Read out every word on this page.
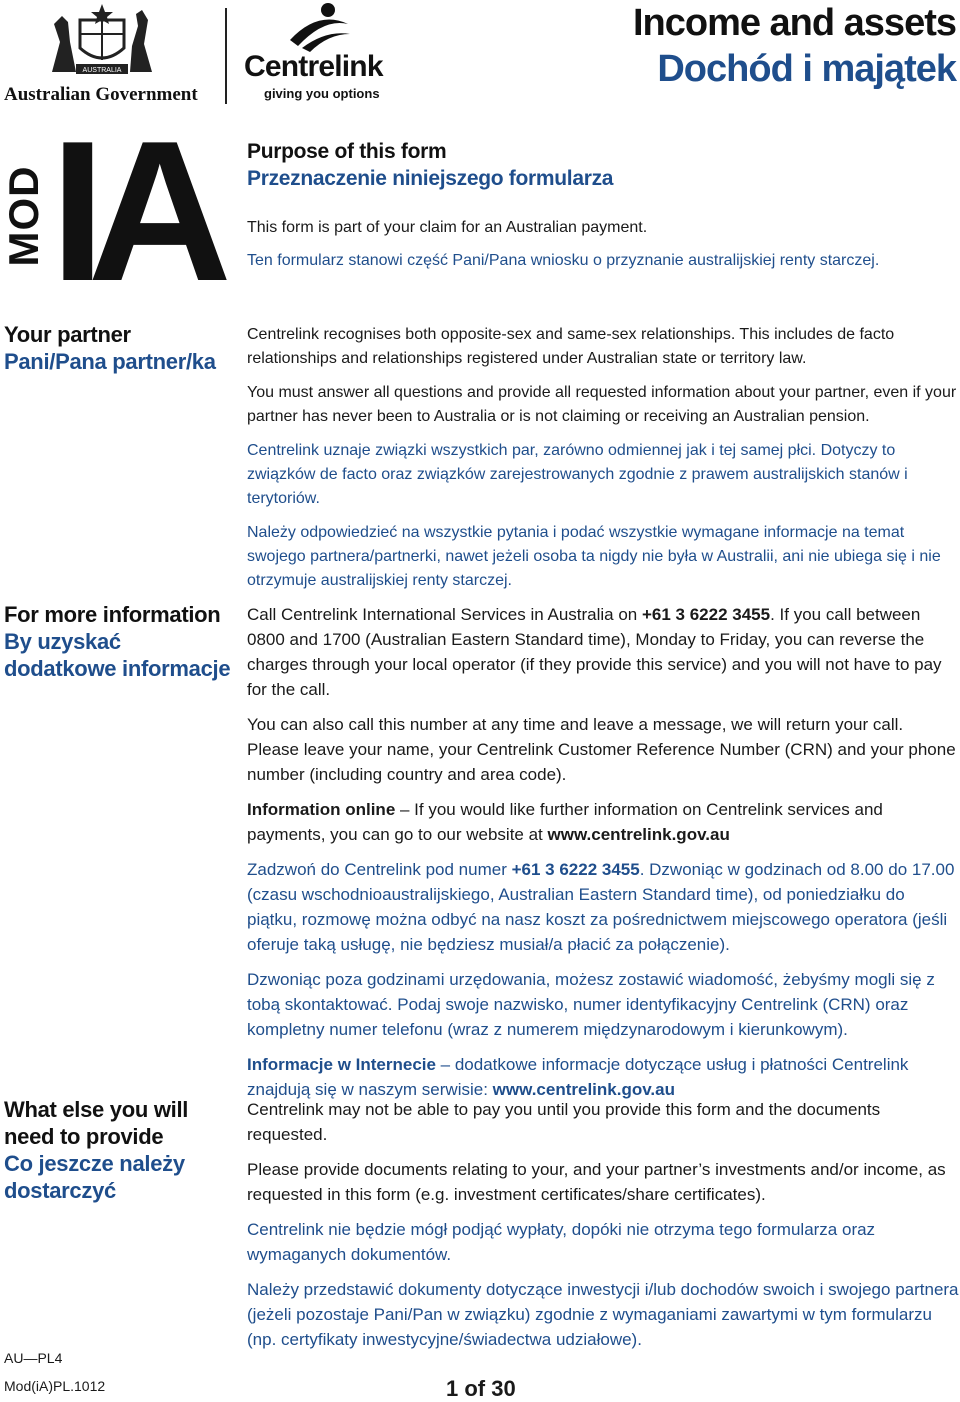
AUSTRALIA
Australian Government
Centrelink
giving you options
Income and assets
Dochód i majątek
MOD IA Purpose of this form
Przeznaczenie niniejszego formularza
This form is part of your claim for an Australian payment.
Ten formularz stanowi część Pani/Pana wniosku o przyznanie australijskiej renty starczej.
Your partner
Pani/Pana partner/ka

Centrelink recognises both opposite-sex and same-sex relationships. This includes de facto relationships and relationships registered under Australian state or territory law.

You must answer all questions and provide all requested information about your partner, even if your partner has never been to Australia or is not claiming or receiving an Australian pension.

Centrelink uznaje związki wszystkich par, zarówno odmiennej jak i tej samej płci. Dotyczy to związków de facto oraz związków zarejestrowanych zgodnie z prawem australijskich stanów i terytoriów.

Należy odpowiedzieć na wszystkie pytania i podać wszystkie wymagane informacje na temat swojego partnera/partnerki, nawet jeżeli osoba ta nigdy nie była w Australii, ani nie ubiega się i nie otrzymuje australijskiej renty starczej.

For more information
By uzyskać dodatkowe informacje

Call Centrelink International Services in Australia on +61 3 6222 3455. If you call between 0800 and 1700 (Australian Eastern Standard time), Monday to Friday, you can reverse the charges through your local operator (if they provide this service) and you will not have to pay for the call.

You can also call this number at any time and leave a message, we will return your call. Please leave your name, your Centrelink Customer Reference Number (CRN) and your phone number (including country and area code).

Information online – If you would like further information on Centrelink services and payments, you can go to our website at www.centrelink.gov.au

Zadzwoń do Centrelink pod numer +61 3 6222 3455. Dzwoniąc w godzinach od 8.00 do 17.00 (czasu wschodnioaustralijskiego, Australian Eastern Standard time), od poniedziałku do piątku, rozmowę można odbyć na nasz koszt za pośrednictwem miejscowego operatora (jeśli oferuje taką usługę, nie będziesz musiał/a płacić za połączenie).

Dzwoniąc poza godzinami urzędowania, możesz zostawić wiadomość, żebyśmy mogli się z tobą skontaktować. Podaj swoje nazwisko, numer identyfikacyjny Centrelink (CRN) oraz kompletny numer telefonu (wraz z numerem międzynarodowym i kierunkowym).

Informacje w Internecie – dodatkowe informacje dotyczące usług i płatności Centrelink znajdują się w naszym serwisie: www.centrelink.gov.au

What else you will need to provide
Co jeszcze należy dostarczyć

Centrelink may not be able to pay you until you provide this form and the documents requested.

Please provide documents relating to your, and your partner’s investments and/or income, as requested in this form (e.g. investment certificates/share certificates).

Centrelink nie będzie mógł podjąć wypłaty, dopóki nie otrzyma tego formularza oraz wymaganych dokumentów.

Należy przedstawić dokumenty dotyczące inwestycji i/lub dochodów swoich i swojego partnera (jeżeli pozostaje Pani/Pan w związku) zgodnie z wymaganiami zawartymi w tym formularzu (np. certyfikaty inwestycyjne/świadectwa udziałowe).

AU—PL4
Mod(iA)PL.1012	1 of 30
